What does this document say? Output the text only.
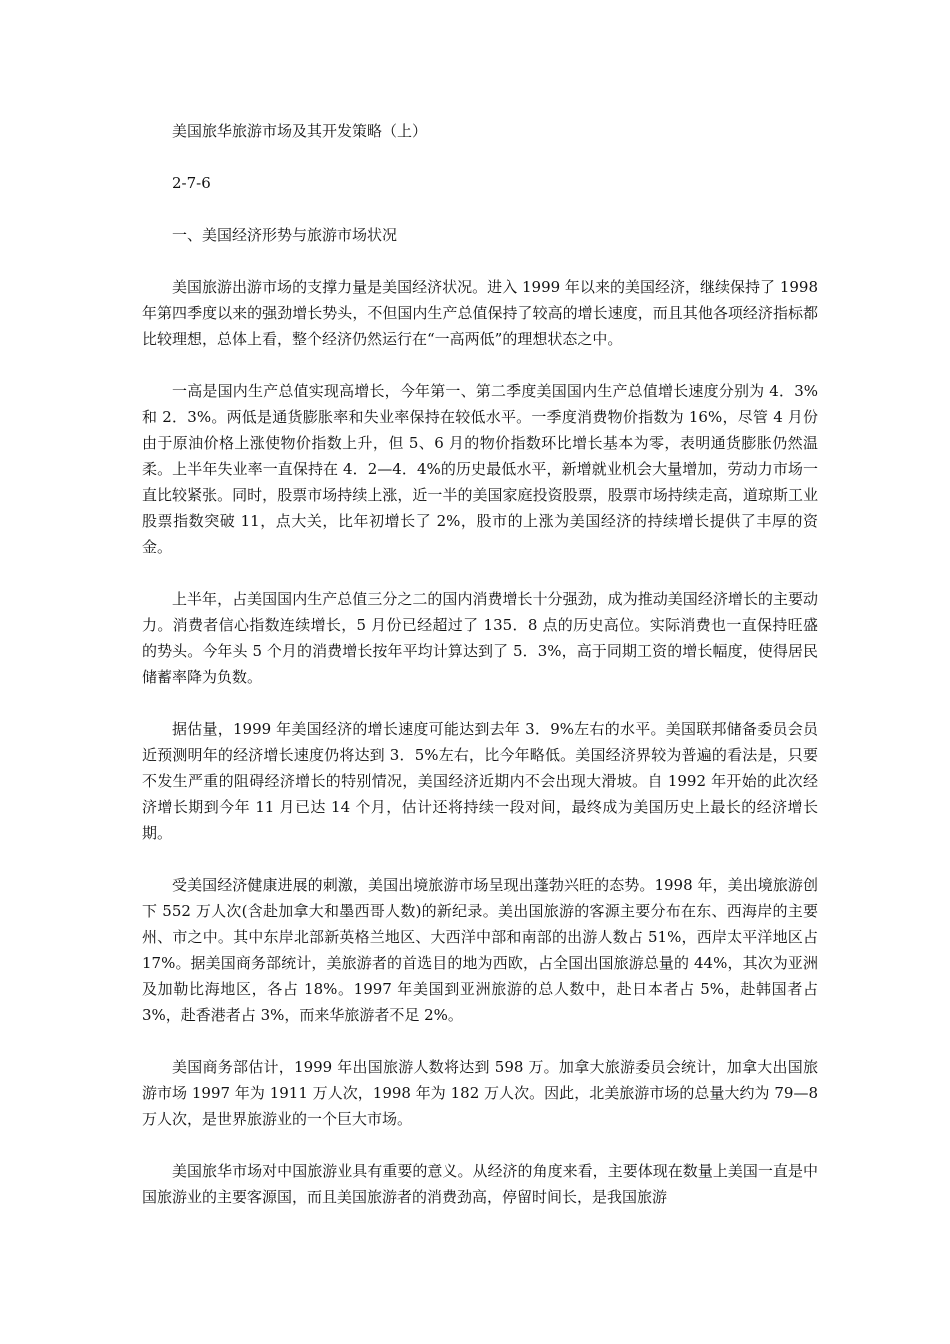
美国旅华旅游市场及其开发策略（上）

2-7-6

一、美国经济形势与旅游市场状况

美国旅游出游市场的支撑力量是美国经济状况。进入 1999 年以来的美国经济，继续保持了 1998 年第四季度以来的强劲增长势头，不但国内生产总值保持了较高的增长速度，而且其他各项经济指标都比较理想，总体上看，整个经济仍然运行在“一高两低”的理想状态之中。

一高是国内生产总值实现高增长，今年第一、第二季度美国国内生产总值增长速度分别为 4．3%和 2．3%。两低是通货膨胀率和失业率保持在较低水平。一季度消费物价指数为 16%，尽管 4 月份由于原油价格上涨使物价指数上升，但 5、6 月的物价指数环比增长基本为零，表明通货膨胀仍然温柔。上半年失业率一直保持在 4．2—4．4%的历史最低水平，新增就业机会大量增加，劳动力市场一直比较紧张。同时，股票市场持续上涨，近一半的美国家庭投资股票，股票市场持续走高，道琼斯工业股票指数突破 11，点大关，比年初增长了 2%，股市的上涨为美国经济的持续增长提供了丰厚的资金。

上半年，占美国国内生产总值三分之二的国内消费增长十分强劲，成为推动美国经济增长的主要动力。消费者信心指数连续增长，5 月份已经超过了 135．8 点的历史高位。实际消费也一直保持旺盛的势头。今年头 5 个月的消费增长按年平均计算达到了 5．3%，高于同期工资的增长幅度，使得居民储蓄率降为负数。

据估量，1999 年美国经济的增长速度可能达到去年 3．9%左右的水平。美国联邦储备委员会员近预测明年的经济增长速度仍将达到 3．5%左右，比今年略低。美国经济界较为普遍的看法是，只要不发生严重的阻碍经济增长的特别情况，美国经济近期内不会出现大滑坡。自 1992 年开始的此次经济增长期到今年 11 月已达 14 个月，估计还将持续一段对间，最终成为美国历史上最长的经济增长期。

受美国经济健康进展的刺激，美国出境旅游市场呈现出蓬勃兴旺的态势。1998 年，美出境旅游创下 552 万人次(含赴加拿大和墨西哥人数)的新纪录。美出国旅游的客源主要分布在东、西海岸的主要州、市之中。其中东岸北部新英格兰地区、大西洋中部和南部的出游人数占 51%，西岸太平洋地区占 17%。据美国商务部统计，美旅游者的首选目的地为西欧，占全国出国旅游总量的 44%，其次为亚洲及加勒比海地区，各占 18%。1997 年美国到亚洲旅游的总人数中，赴日本者占 5%，赴韩国者占 3%，赴香港者占 3%，而来华旅游者不足 2%。

美国商务部估计，1999 年出国旅游人数将达到 598 万。加拿大旅游委员会统计，加拿大出国旅游市场 1997 年为 1911 万人次，1998 年为 182 万人次。因此，北美旅游市场的总量大约为 79—8 万人次，是世界旅游业的一个巨大市场。

美国旅华市场对中国旅游业具有重要的意义。从经济的角度来看，主要体现在数量上美国一直是中国旅游业的主要客源国，而且美国旅游者的消费劲高，停留时间长，是我国旅游
